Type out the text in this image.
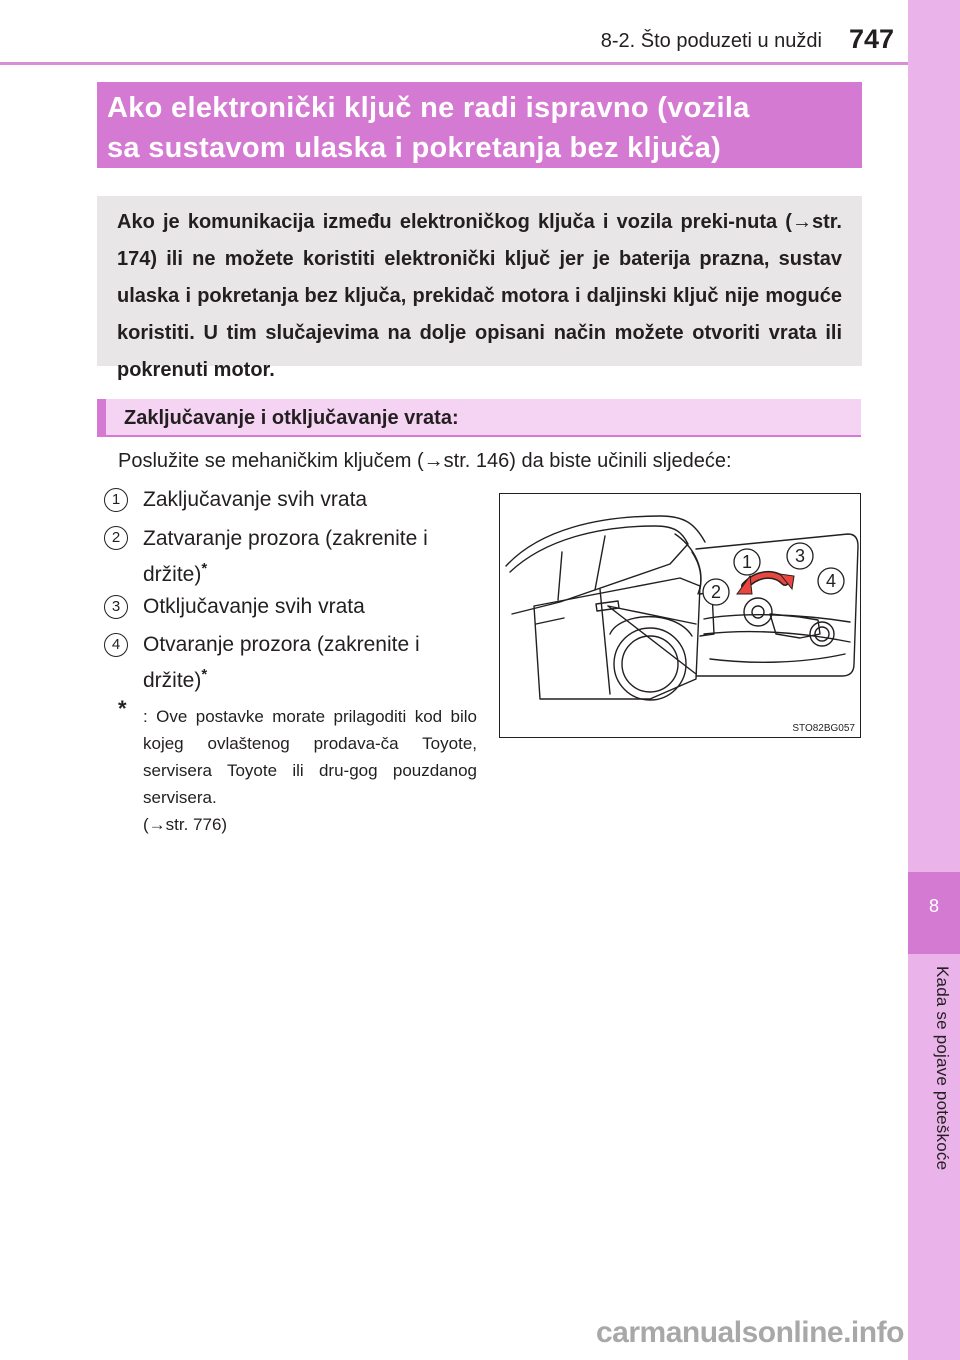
8-2. Što poduzeti u nuždi 747
8
Kada se pojave poteškoće
Ako elektronički ključ ne radi ispravno (vozila
sa sustavom ulaska i pokretanja bez ključa)
Ako je komunikacija između elektroničkog ključa i vozila preki-nuta (→str. 174) ili ne možete koristiti elektronički ključ jer je baterija prazna, sustav ulaska i pokretanja bez ključa, prekidač motora i daljinski ključ nije moguće koristiti. U tim slučajevima na dolje opisani način možete otvoriti vrata ili pokrenuti motor.
Zaključavanje i otključavanje vrata:
Poslužite se mehaničkim ključem (→str. 146) da biste učinili sljedeće:
1	Zaključavanje svih vrata
2	Zatvaranje prozora (zakrenite i
držite)*
3	Otključavanje svih vrata
4	Otvaranje prozora (zakrenite i
držite)*
* : Ove postavke morate prilagoditi kod bilo kojeg ovlaštenog prodava-ča Toyote, servisera Toyote ili dru-gog pouzdanog servisera.
(→str. 776)
1
2
3
4
STO82BG057
carmanualsonline.info
